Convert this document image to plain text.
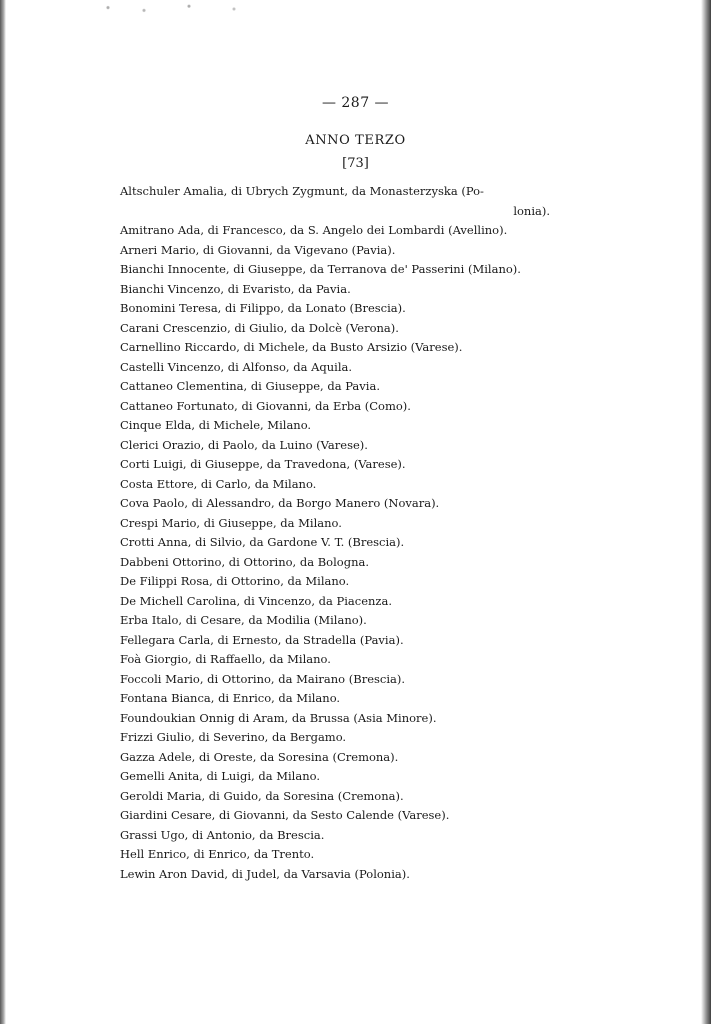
— 287 —
ANNO TERZO
[73]
Altschuler Amalia, di Ubrych Zygmunt, da Monasterzyska (Po-
lonia).
Amitrano Ada, di Francesco, da S. Angelo dei Lombardi (Avellino).
Arneri Mario, di Giovanni, da Vigevano (Pavia).
Bianchi Innocente, di Giuseppe, da Terranova de' Passerini (Milano).
Bianchi Vincenzo, di Evaristo, da Pavia.
Bonomini Teresa, di Filippo, da Lonato (Brescia).
Carani Crescenzio, di Giulio, da Dolcè (Verona).
Carnellino Riccardo, di Michele, da Busto Arsizio (Varese).
Castelli Vincenzo, di Alfonso, da Aquila.
Cattaneo Clementina, di Giuseppe, da Pavia.
Cattaneo Fortunato, di Giovanni, da Erba (Como).
Cinque Elda, di Michele, Milano.
Clerici Orazio, di Paolo, da Luino (Varese).
Corti Luigi, di Giuseppe, da Travedona, (Varese).
Costa Ettore, di Carlo, da Milano.
Cova Paolo, di Alessandro, da Borgo Manero (Novara).
Crespi Mario, di Giuseppe, da Milano.
Crotti Anna, di Silvio, da Gardone V. T. (Brescia).
Dabbeni Ottorino, di Ottorino, da Bologna.
De Filippi Rosa, di Ottorino, da Milano.
De Michell Carolina, di Vincenzo, da Piacenza.
Erba Italo, di Cesare, da Modilia (Milano).
Fellegara Carla, di Ernesto, da Stradella (Pavia).
Foà Giorgio, di Raffaello, da Milano.
Foccoli Mario, di Ottorino, da Mairano (Brescia).
Fontana Bianca, di Enrico, da Milano.
Foundoukian Onnig di Aram, da Brussa (Asia Minore).
Frizzi Giulio, di Severino, da Bergamo.
Gazza Adele, di Oreste, da Soresina (Cremona).
Gemelli Anita, di Luigi, da Milano.
Geroldi Maria, di Guido, da Soresina (Cremona).
Giardini Cesare, di Giovanni, da Sesto Calende (Varese).
Grassi Ugo, di Antonio, da Brescia.
Hell Enrico, di Enrico, da Trento.
Lewin Aron David, di Judel, da Varsavia (Polonia).
